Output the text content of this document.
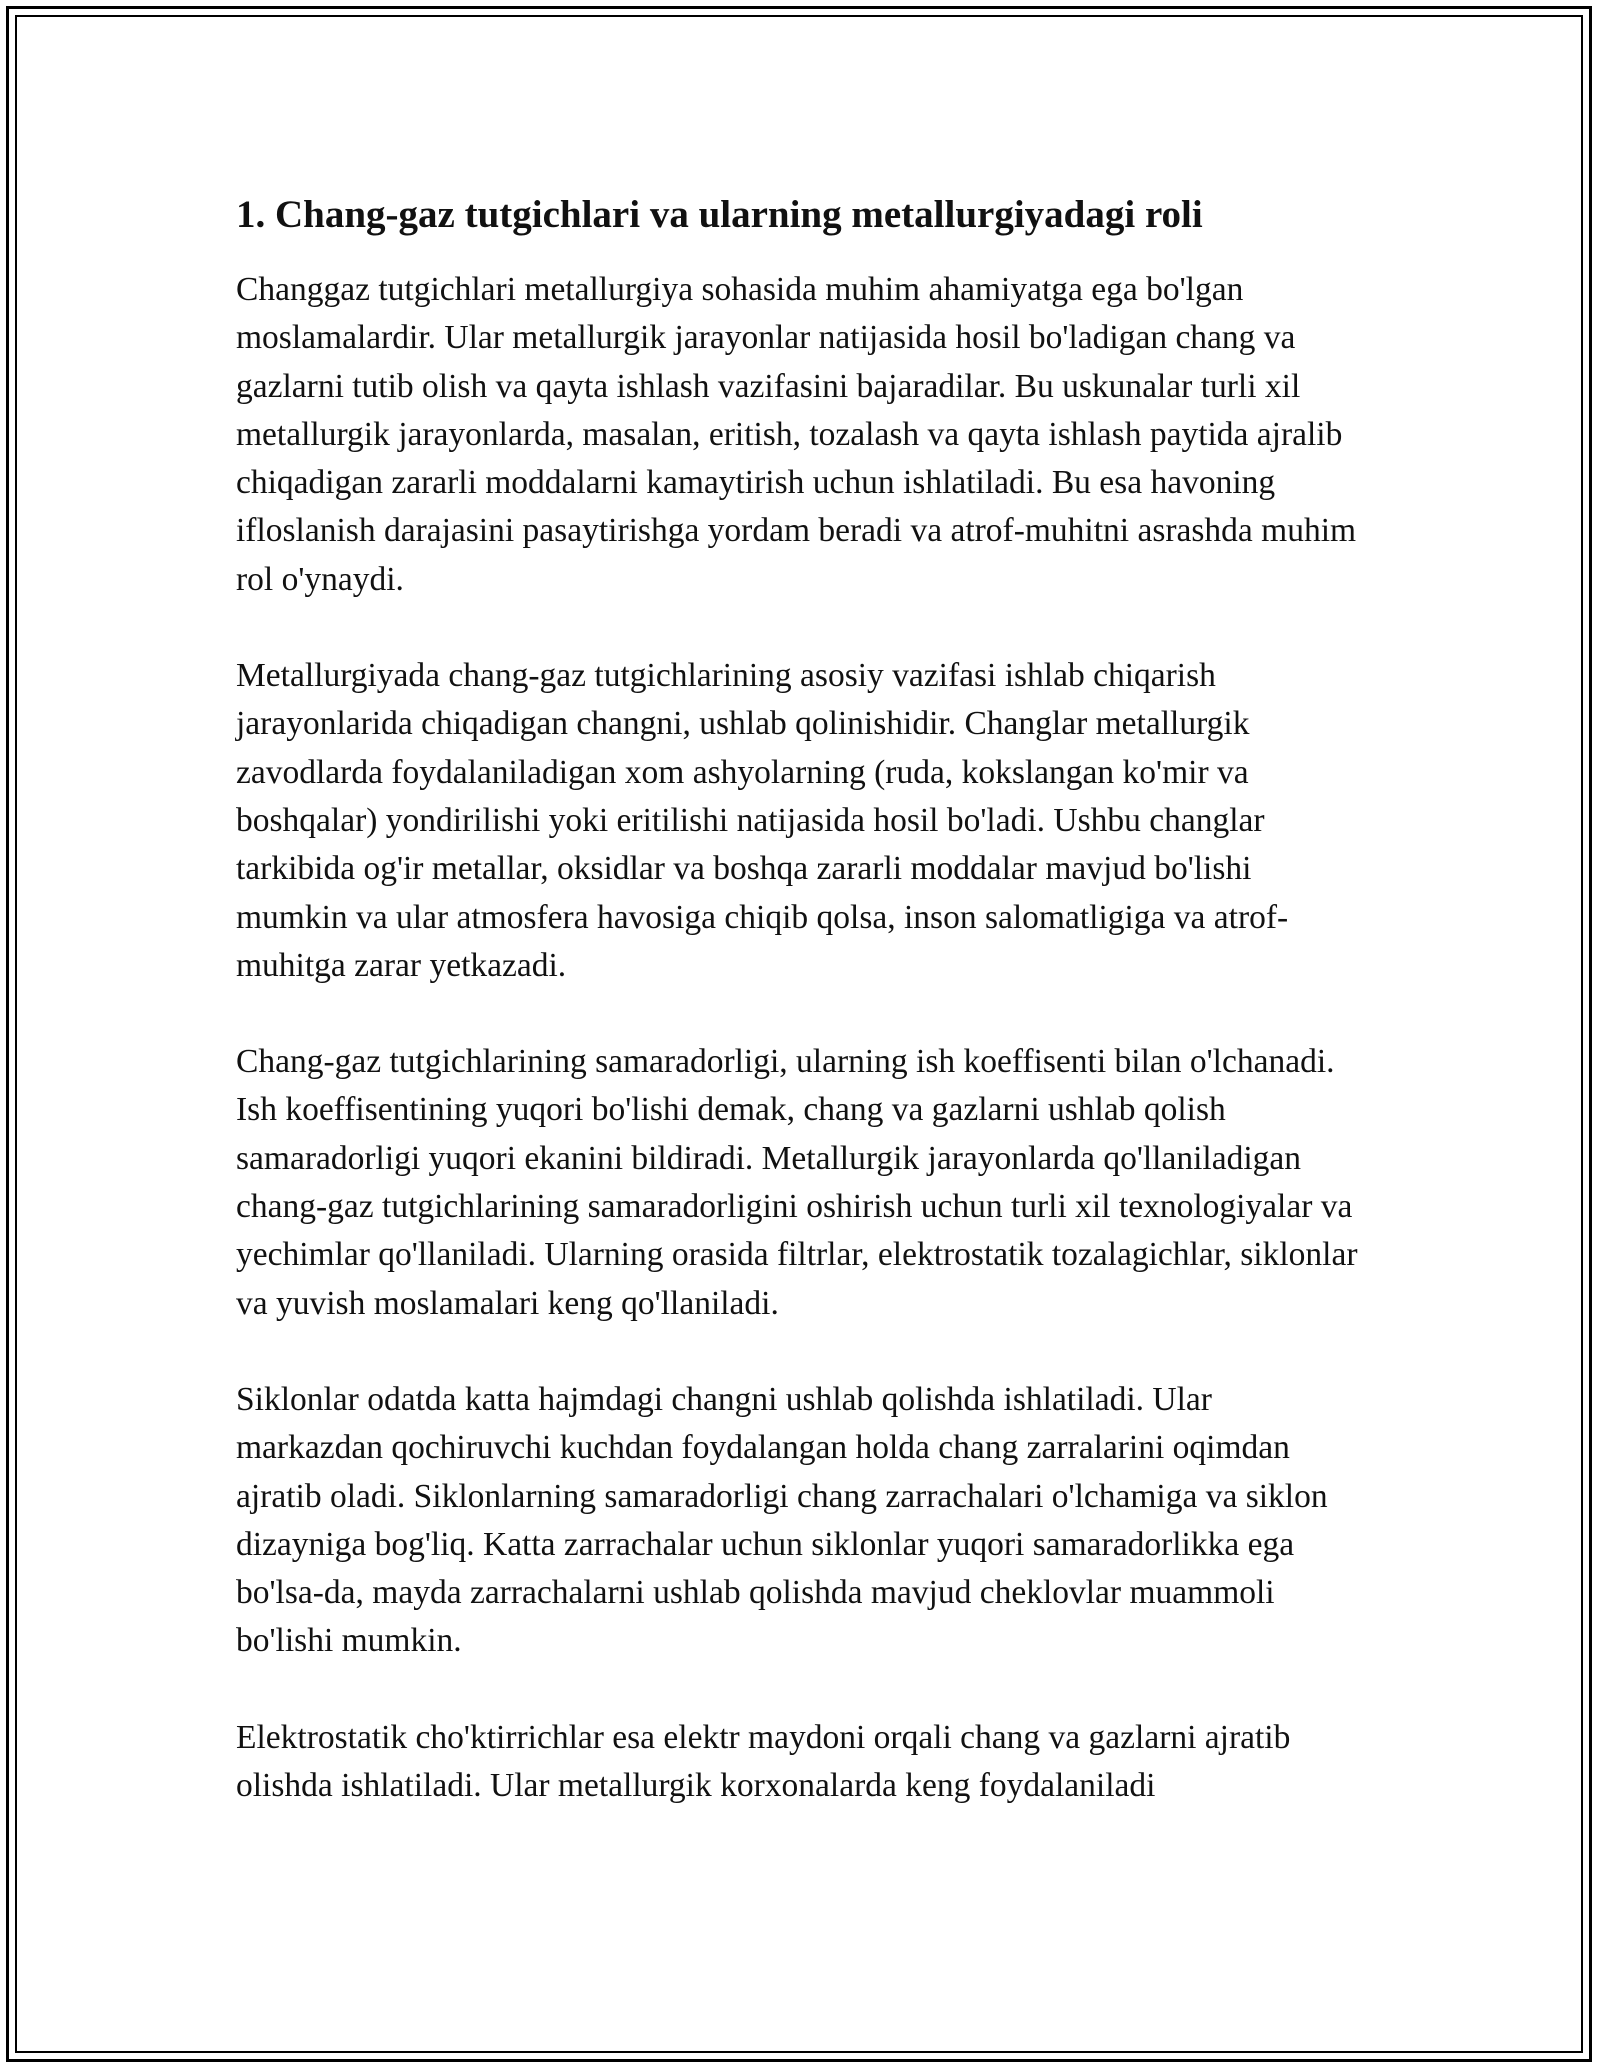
1. Chang-gaz tutgichlari va ularning metallurgiyadagi roli

Changgaz tutgichlari metallurgiya sohasida muhim ahamiyatga ega bo'lgan moslamalardir. Ular metallurgik jarayonlar natijasida hosil bo'ladigan chang va gazlarni tutib olish va qayta ishlash vazifasini bajaradilar. Bu uskunalar turli xil metallurgik jarayonlarda, masalan, eritish, tozalash va qayta ishlash paytida ajralib chiqadigan zararli moddalarni kamaytirish uchun ishlatiladi. Bu esa havoning ifloslanish darajasini pasaytirishga yordam beradi va atrof-muhitni asrashda muhim rol o'ynaydi.

Metallurgiyada chang-gaz tutgichlarining asosiy vazifasi ishlab chiqarish jarayonlarida chiqadigan changni, ushlab qolinishidir. Changlar metallurgik zavodlarda foydalaniladigan xom ashyolarning (ruda, kokslangan ko'mir va boshqalar) yondirilishi yoki eritilishi natijasida hosil bo'ladi. Ushbu changlar tarkibida og'ir metallar, oksidlar va boshqa zararli moddalar mavjud bo'lishi mumkin va ular atmosfera havosiga chiqib qolsa, inson salomatligiga va atrof-muhitga zarar yetkazadi.

Chang-gaz tutgichlarining samaradorligi, ularning ish koeffisenti bilan o'lchanadi. Ish koeffisentining yuqori bo'lishi demak, chang va gazlarni ushlab qolish samaradorligi yuqori ekanini bildiradi. Metallurgik jarayonlarda qo'llaniladigan chang-gaz tutgichlarining samaradorligini oshirish uchun turli xil texnologiyalar va yechimlar qo'llaniladi. Ularning orasida filtrlar, elektrostatik tozalagichlar, siklonlar va yuvish moslamalari keng qo'llaniladi.

Siklonlar odatda katta hajmdagi changni ushlab qolishda ishlatiladi. Ular markazdan qochiruvchi kuchdan foydalangan holda chang zarralarini oqimdan ajratib oladi. Siklonlarning samaradorligi chang zarrachalari o'lchamiga va siklon dizayniga bog'liq. Katta zarrachalar uchun siklonlar yuqori samaradorlikka ega bo'lsa-da, mayda zarrachalarni ushlab qolishda mavjud cheklovlar muammoli bo'lishi mumkin.

Elektrostatik cho'ktirrichlar esa elektr maydoni orqali chang va gazlarni ajratib olishda ishlatiladi. Ular metallurgik korxonalarda keng foydalaniladi
